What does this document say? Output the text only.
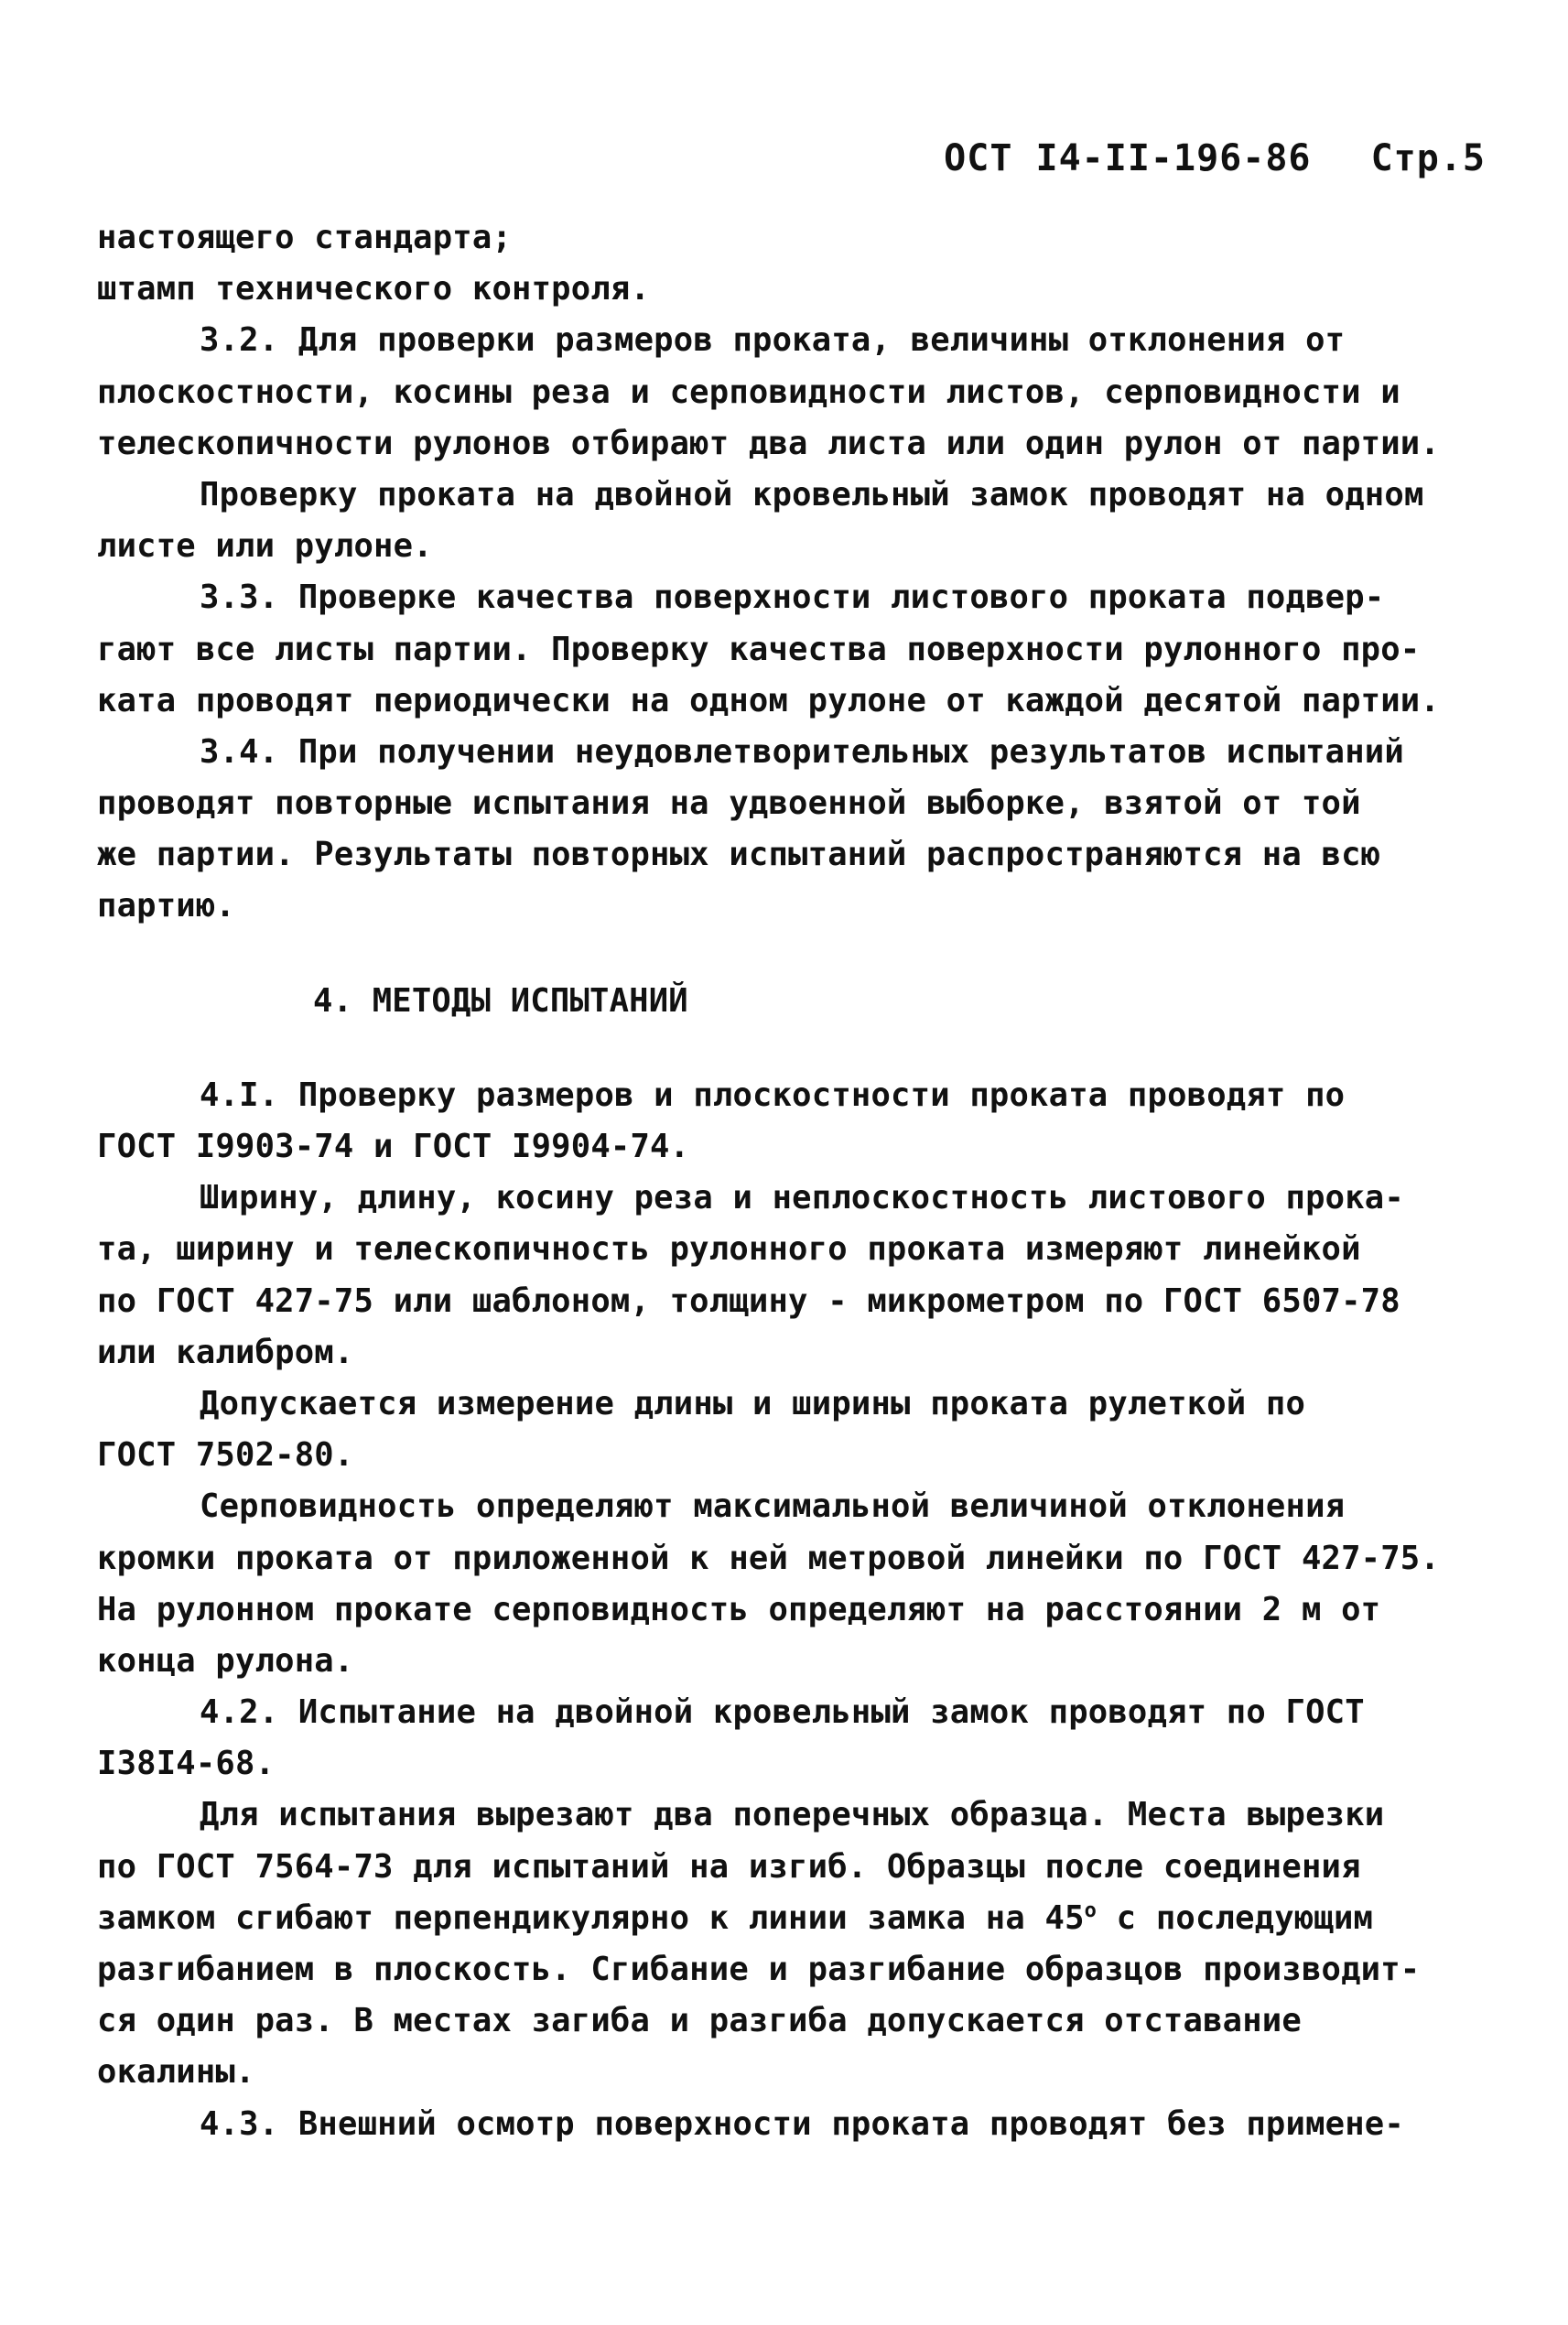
ОСТ I4-II-196-86 Стр.5
настоящего стандарта;
штамп технического контроля.
3.2. Для проверки размеров проката, величины отклонения от
плоскостности, косины реза и серповидности листов, серповидности и
телескопичности рулонов отбирают два листа или один рулон от партии.
Проверку проката на двойной кровельный замок проводят на одном
листе или рулоне.
3.3. Проверке качества поверхности листового проката подвер-
гают все листы партии. Проверку качества поверхности рулонного про-
ката проводят периодически на одном рулоне от каждой десятой партии.
3.4. При получении неудовлетворительных результатов испытаний
проводят повторные испытания на удвоенной выборке, взятой от той
же партии. Результаты повторных испытаний распространяются на всю
партию.
4. МЕТОДЫ ИСПЫТАНИЙ
4.I. Проверку размеров и плоскостности проката проводят по
ГОСТ I9903-74 и ГОСТ I9904-74.
Ширину, длину, косину реза и неплоскостность листового прока-
та, ширину и телескопичность рулонного проката измеряют линейкой
по ГОСТ 427-75 или шаблоном, толщину - микрометром по ГОСТ 6507-78
или калибром.
Допускается измерение длины и ширины проката рулеткой по
ГОСТ 7502-80.
Серповидность определяют максимальной величиной отклонения
кромки проката от приложенной к ней метровой линейки по ГОСТ 427-75.
На рулонном прокате серповидность определяют на расстоянии 2 м от
конца рулона.
4.2. Испытание на двойной кровельный замок проводят по ГОСТ
I38I4-68.
Для испытания вырезают два поперечных образца. Места вырезки
по ГОСТ 7564-73 для испытаний на изгиб. Образцы после соединения
замком сгибают перпендикулярно к линии замка на $45^о$ с последующим
разгибанием в плоскость. Сгибание и разгибание образцов производит-
ся один раз. В местах загиба и разгиба допускается отставание
окалины.
4.3. Внешний осмотр поверхности проката проводят без примене-
